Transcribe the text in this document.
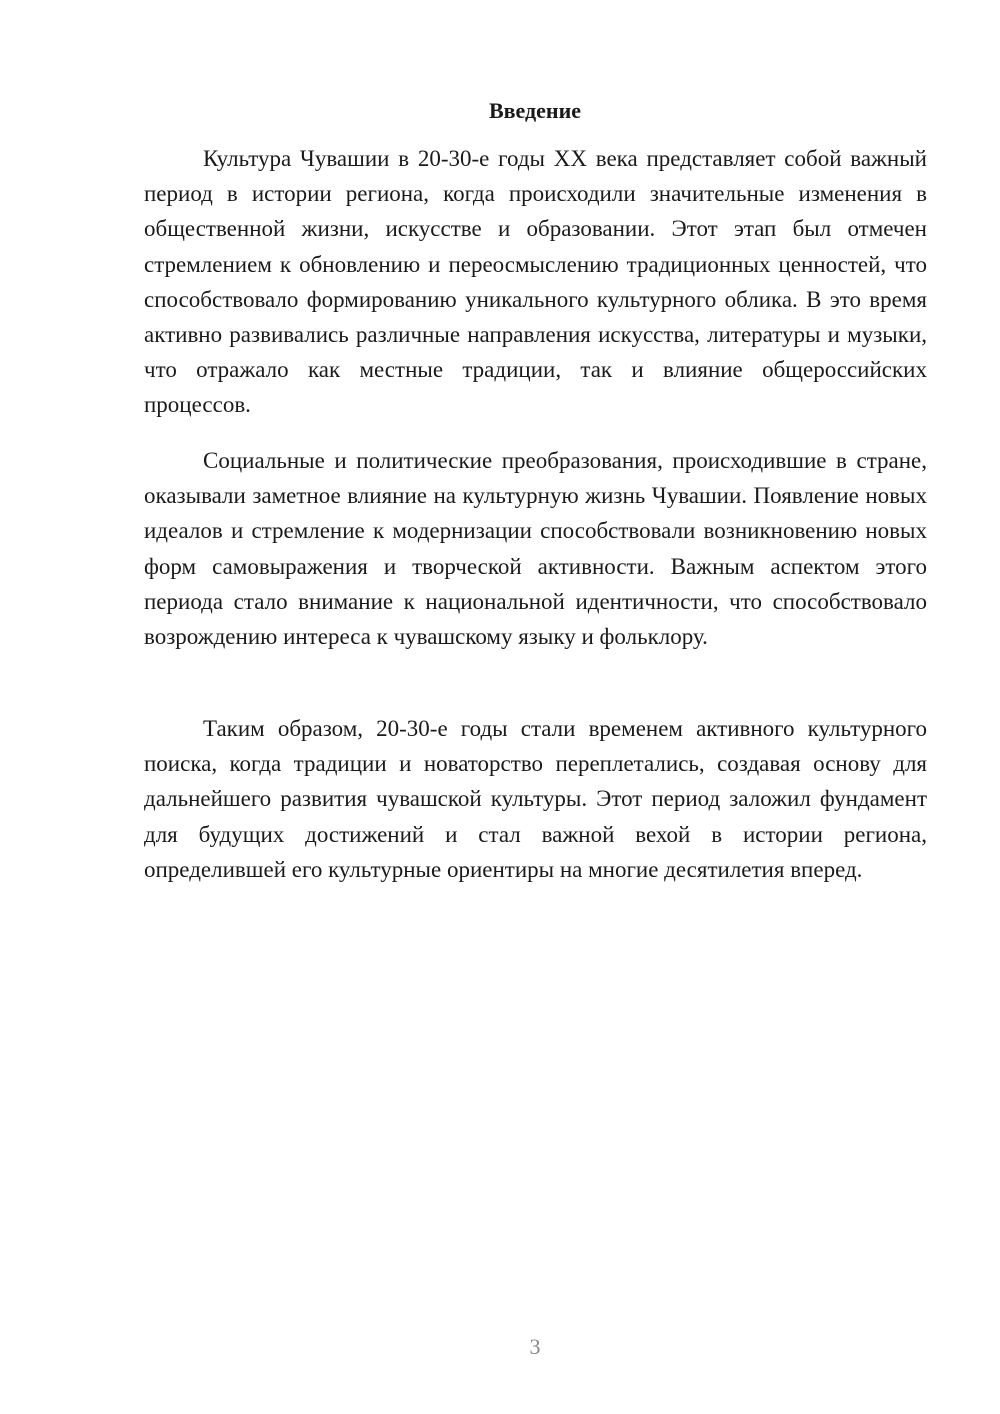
Введение

Культура Чувашии в 20-30-е годы XX века представляет собой важный период в истории региона, когда происходили значительные изменения в общественной жизни, искусстве и образовании. Этот этап был отмечен стремлением к обновлению и переосмыслению традиционных ценностей, что способствовало формированию уникального культурного облика. В это время активно развивались различные направления искусства, литературы и музыки, что отражало как местные традиции, так и влияние общероссийских процессов.

Социальные и политические преобразования, происходившие в стране, оказывали заметное влияние на культурную жизнь Чувашии. Появление новых идеалов и стремление к модернизации способствовали возникновению новых форм самовыражения и творческой активности. Важным аспектом этого периода стало внимание к национальной идентичности, что способствовало возрождению интереса к чувашскому языку и фольклору.

Таким образом, 20-30-е годы стали временем активного культурного поиска, когда традиции и новаторство переплетались, создавая основу для дальнейшего развития чувашской культуры. Этот период заложил фундамент для будущих достижений и стал важной вехой в истории региона, определившей его культурные ориентиры на многие десятилетия вперед.

3
